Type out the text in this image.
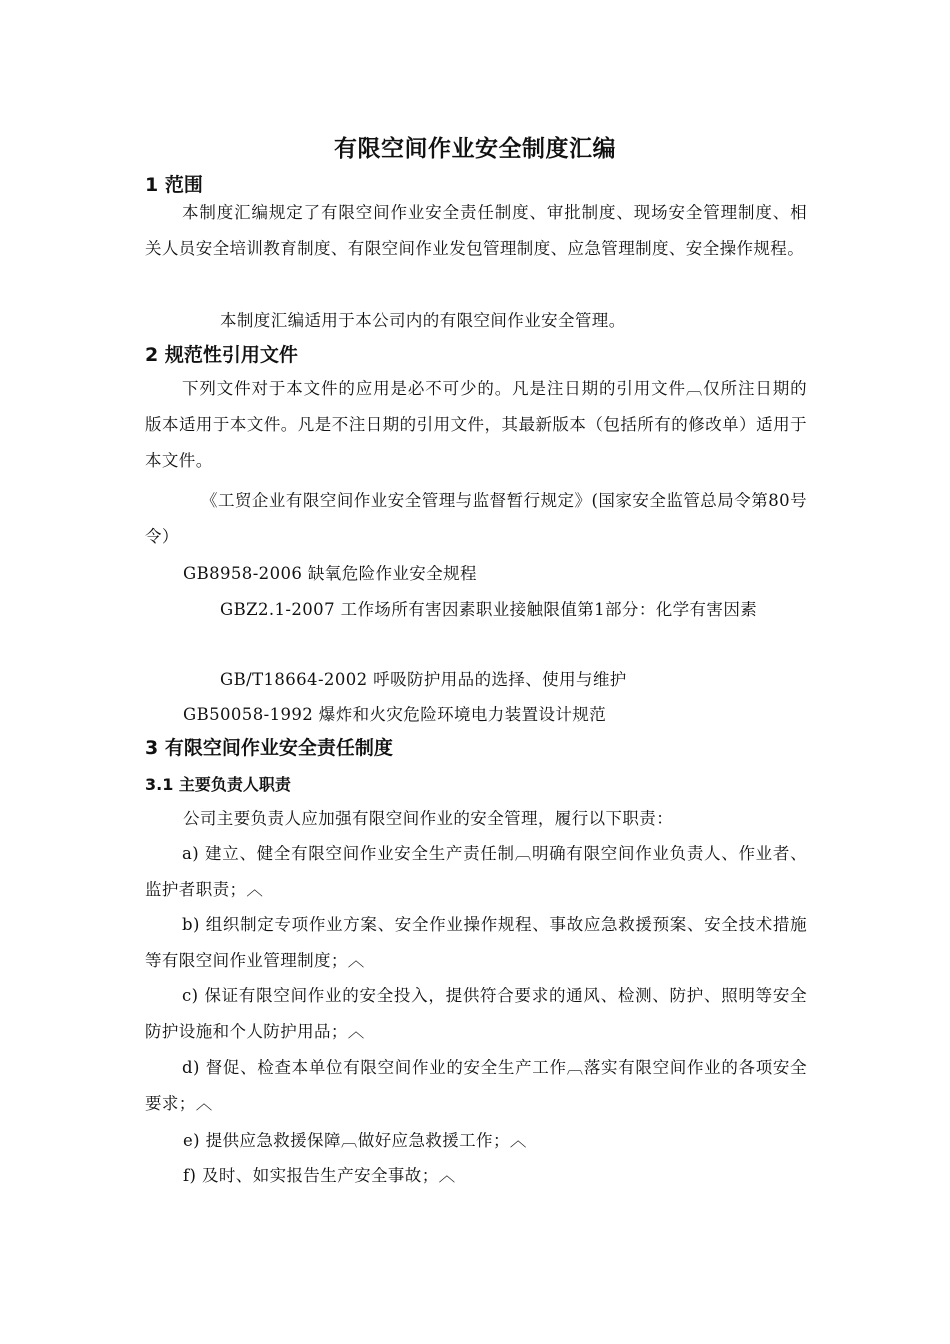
有限空间作业安全制度汇编
1 范围

本制度汇编规定了有限空间作业安全责任制度、审批制度、现场安全管理制度、相关人员安全培训教育制度、有限空间作业发包管理制度、应急管理制度、安全操作规程。

本制度汇编适用于本公司内的有限空间作业安全管理。

2 规范性引用文件

下列文件对于本文件的应用是必不可少的。凡是注日期的引用文件︹仅所注日期的版本适用于本文件。凡是不注日期的引用文件，其最新版本（包括所有的修改单）适用于本文件。

《工贸企业有限空间作业安全管理与监督暂行规定》(国家安全监管总局令第80号令）

GB8958-2006 缺氧危险作业安全规程

GBZ2.1-2007 工作场所有害因素职业接触限值第1部分：化学有害因素

GB/T18664-2002 呼吸防护用品的选择、使用与维护

GB50058-1992 爆炸和火灾危险环境电力装置设计规范

3 有限空间作业安全责任制度
3.1 主要负责人职责

公司主要负责人应加强有限空间作业的安全管理，履行以下职责：

a) 建立、健全有限空间作业安全生产责任制︹明确有限空间作业负责人、作业者、监护者职责；︿

b) 组织制定专项作业方案、安全作业操作规程、事故应急救援预案、安全技术措施等有限空间作业管理制度；︿

c) 保证有限空间作业的安全投入，提供符合要求的通风、检测、防护、照明等安全防护设施和个人防护用品；︿

d) 督促、检查本单位有限空间作业的安全生产工作︹落实有限空间作业的各项安全要求；︿

e) 提供应急救援保障︹做好应急救援工作；︿

f) 及时、如实报告生产安全事故；︿
